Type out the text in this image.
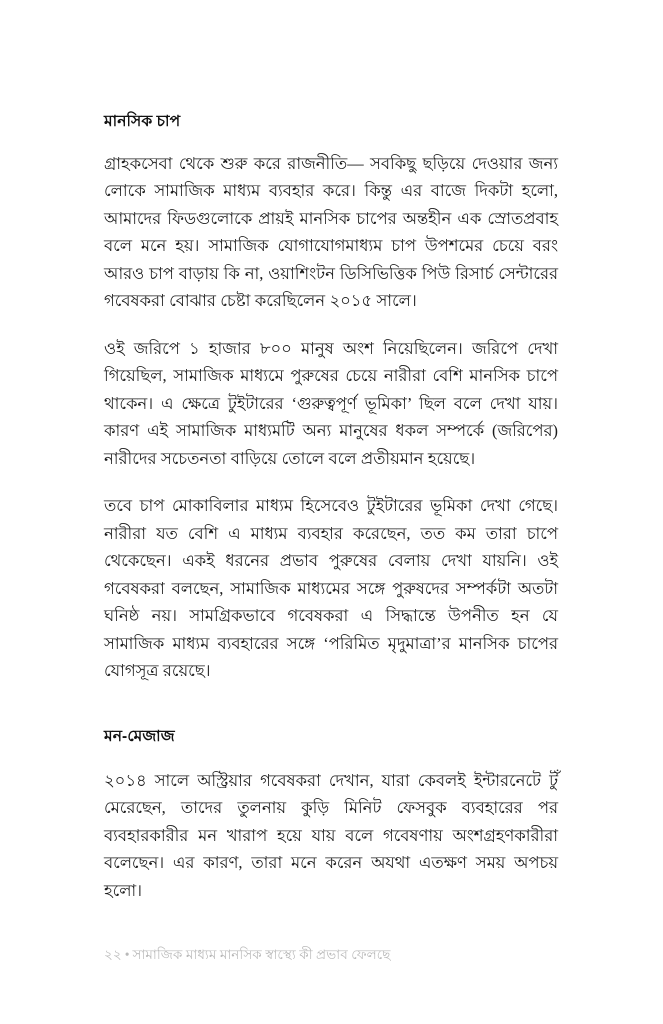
মানসিক চাপ

গ্রাহকসেবা থেকে শুরু করে রাজনীতি— সবকিছু ছড়িয়ে দেওয়ার জন্য লোকে সামাজিক মাধ্যম ব্যবহার করে। কিন্তু এর বাজে দিকটা হলো, আমাদের ফিডগুলোকে প্রায়ই মানসিক চাপের অন্তহীন এক স্রোতপ্রবাহ বলে মনে হয়। সামাজিক যোগাযোগমাধ্যম চাপ উপশমের চেয়ে বরং আরও চাপ বাড়ায় কি না, ওয়াশিংটন ডিসিভিত্তিক পিউ রিসার্চ সেন্টারের গবেষকরা বোঝার চেষ্টা করেছিলেন ২০১৫ সালে।

ওই জরিপে ১ হাজার ৮০০ মানুষ অংশ নিয়েছিলেন। জরিপে দেখা গিয়েছিল, সামাজিক মাধ্যমে পুরুষের চেয়ে নারীরা বেশি মানসিক চাপে থাকেন। এ ক্ষেত্রে টুইটারের ‘গুরুত্বপূর্ণ ভূমিকা’ ছিল বলে দেখা যায়। কারণ এই সামাজিক মাধ্যমটি অন্য মানুষের ধকল সম্পর্কে (জরিপের) নারীদের সচেতনতা বাড়িয়ে তোলে বলে প্রতীয়মান হয়েছে।

তবে চাপ মোকাবিলার মাধ্যম হিসেবেও টুইটারের ভূমিকা দেখা গেছে। নারীরা যত বেশি এ মাধ্যম ব্যবহার করেছেন, তত কম তারা চাপে থেকেছেন। একই ধরনের প্রভাব পুরুষের বেলায় দেখা যায়নি। ওই গবেষকরা বলছেন, সামাজিক মাধ্যমের সঙ্গে পুরুষদের সম্পর্কটা অতটা ঘনিষ্ঠ নয়। সামগ্রিকভাবে গবেষকরা এ সিদ্ধান্তে উপনীত হন যে সামাজিক মাধ্যম ব্যবহারের সঙ্গে ‘পরিমিত মৃদুমাত্রা’র মানসিক চাপের যোগসূত্র রয়েছে।

মন-মেজাজ

২০১৪ সালে অস্ট্রিয়ার গবেষকরা দেখান, যারা কেবলই ইন্টারনেটে টুঁ মেরেছেন, তাদের তুলনায় কুড়ি মিনিট ফেসবুক ব্যবহারের পর ব্যবহারকারীর মন খারাপ হয়ে যায় বলে গবেষণায় অংশগ্রহণকারীরা বলেছেন। এর কারণ, তারা মনে করেন অযথা এতক্ষণ সময় অপচয় হলো।

২২ • সামাজিক মাধ্যম মানসিক স্বাস্থ্যে কী প্রভাব ফেলছে
